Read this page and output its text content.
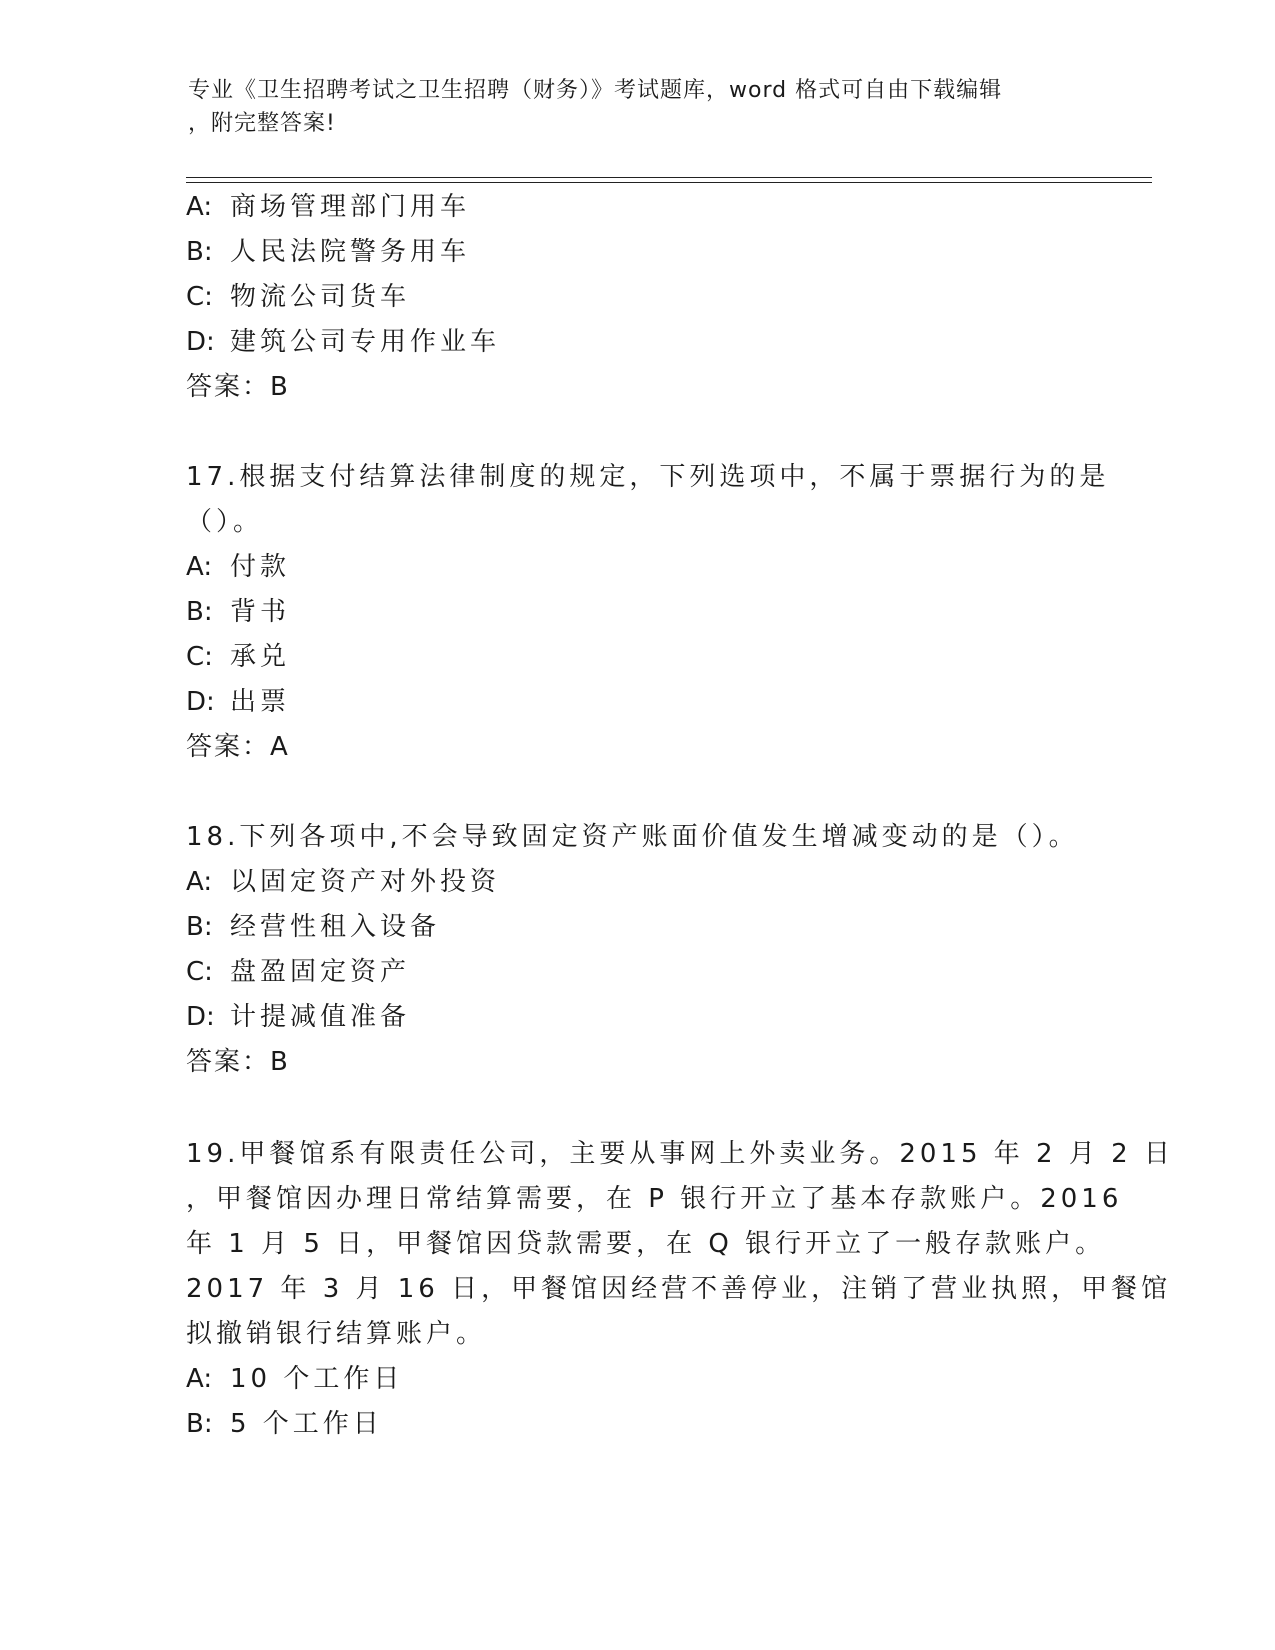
专业《卫生招聘考试之卫生招聘（财务）》考试题库，word 格式可自由下载编辑
，附完整答案!
A: 商场管理部门用车
B: 人民法院警务用车
C: 物流公司货车
D: 建筑公司专用作业车
答案：B
17.根据支付结算法律制度的规定，下列选项中，不属于票据行为的是
（）。
A: 付款
B: 背书
C: 承兑
D: 出票
答案：A
18.下列各项中,不会导致固定资产账面价值发生增减变动的是（）。
A: 以固定资产对外投资
B: 经营性租入设备
C: 盘盈固定资产
D: 计提减值准备
答案：B
19.甲餐馆系有限责任公司，主要从事网上外卖业务。2015 年 2 月 2 日
，甲餐馆因办理日常结算需要，在 P 银行开立了基本存款账户。2016
年 1 月 5 日，甲餐馆因贷款需要，在 Q 银行开立了一般存款账户。
2017 年 3 月 16 日，甲餐馆因经营不善停业，注销了营业执照，甲餐馆
拟撤销银行结算账户。
A: 10 个工作日
B: 5 个工作日
